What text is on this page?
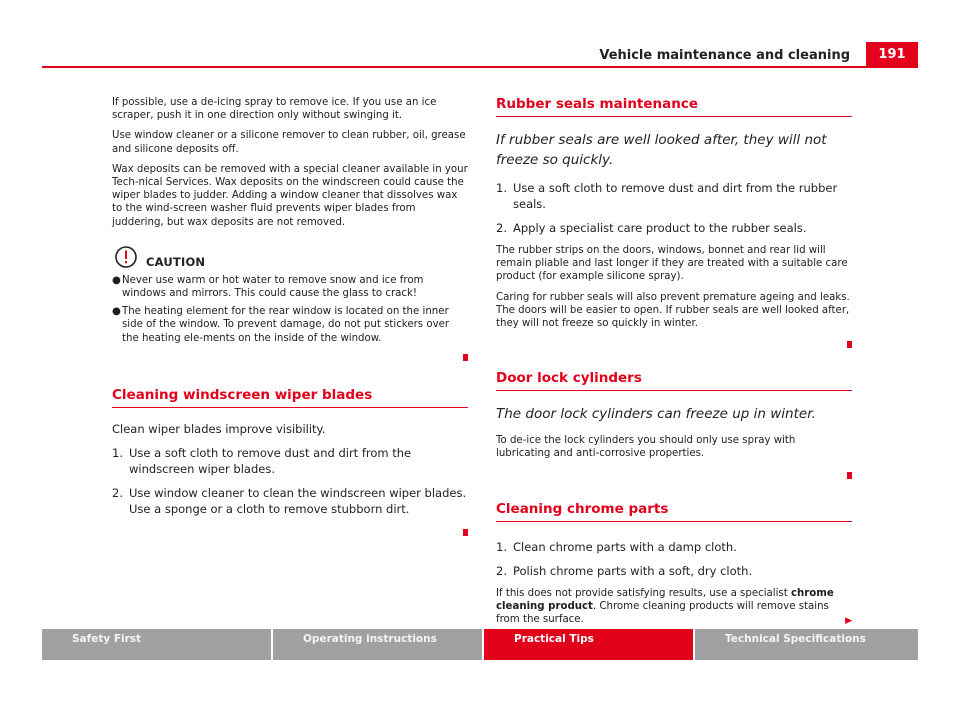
Vehicle maintenance and cleaning	191

If possible, use a de-icing spray to remove ice. If you use an ice scraper, push it in one direction only without swinging it.

Use window cleaner or a silicone remover to clean rubber, oil, grease and silicone deposits off.

Wax deposits can be removed with a special cleaner available in your Tech-nical Services. Wax deposits on the windscreen could cause the wiper blades to judder. Adding a window cleaner that dissolves wax to the wind-screen washer fluid prevents wiper blades from juddering, but wax deposits are not removed.

CAUTION
● Never use warm or hot water to remove snow and ice from windows and mirrors. This could cause the glass to crack!
● The heating element for the rear window is located on the inner side of the window. To prevent damage, do not put stickers over the heating ele-ments on the inside of the window.
Cleaning windscreen wiper blades

Clean wiper blades improve visibility.

1. Use a soft cloth to remove dust and dirt from the windscreen wiper blades.
2. Use window cleaner to clean the windscreen wiper blades. Use a sponge or a cloth to remove stubborn dirt.
Rubber seals maintenance

If rubber seals are well looked after, they will not freeze so quickly.

1. Use a soft cloth to remove dust and dirt from the rubber seals.
2. Apply a specialist care product to the rubber seals.

The rubber strips on the doors, windows, bonnet and rear lid will remain pliable and last longer if they are treated with a suitable care product (for example silicone spray).

Caring for rubber seals will also prevent premature ageing and leaks. The doors will be easier to open. If rubber seals are well looked after, they will not freeze so quickly in winter.

Door lock cylinders

The door lock cylinders can freeze up in winter.

To de-ice the lock cylinders you should only use spray with lubricating and anti-corrosive properties.

Cleaning chrome parts
1. Clean chrome parts with a damp cloth.
2. Polish chrome parts with a soft, dry cloth.

If this does not provide satisfying results, use a specialist chrome cleaning product. Chrome cleaning products will remove stains from the surface.	▶

Safety First	Operating instructions	Practical Tips	Technical Specifications
